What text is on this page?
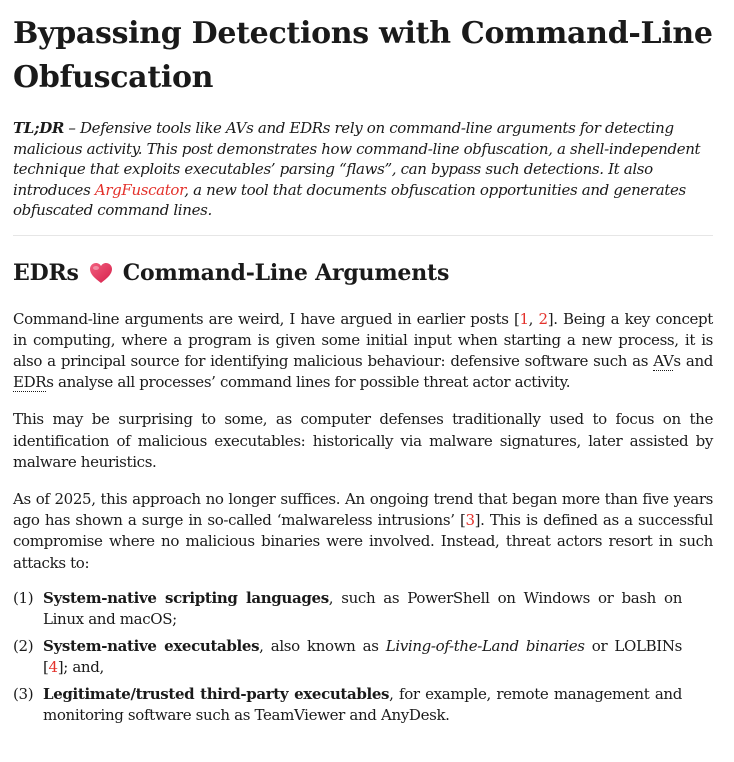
Bypassing Detections with Command-Line Obfuscation
TL;DR – Defensive tools like AVs and EDRs rely on command-line arguments for detecting malicious activity. This post demonstrates how command-line obfuscation, a shell-independent technique that exploits executables’ parsing “flaws”, can bypass such detections. It also introduces ArgFuscator, a new tool that documents obfuscation opportunities and generates obfuscated command lines.
EDRs Command-Line Arguments

Command-line arguments are weird, I have argued in earlier posts [1, 2]. Being a key concept in computing, where a program is given some initial input when starting a new process, it is also a principal source for identifying malicious behaviour: defensive software such as AVs and EDRs analyse all processes’ command lines for possible threat actor activity.

This may be surprising to some, as computer defenses traditionally used to focus on the identification of malicious executables: historically via malware signatures, later assisted by malware heuristics.

As of 2025, this approach no longer suffices. An ongoing trend that began more than five years ago has shown a surge in so-called ‘malwareless intrusions’ [3]. This is defined as a successful compromise where no malicious binaries were involved. Instead, threat actors resort in such attacks to:

(1) System-native scripting languages, such as PowerShell on Windows or bash on Linux and macOS;
(2) System-native executables, also known as Living-of-the-Land binaries or LOLBINs [4]; and,
(3) Legitimate/trusted third-party executables, for example, remote management and monitoring software such as TeamViewer and AnyDesk.
